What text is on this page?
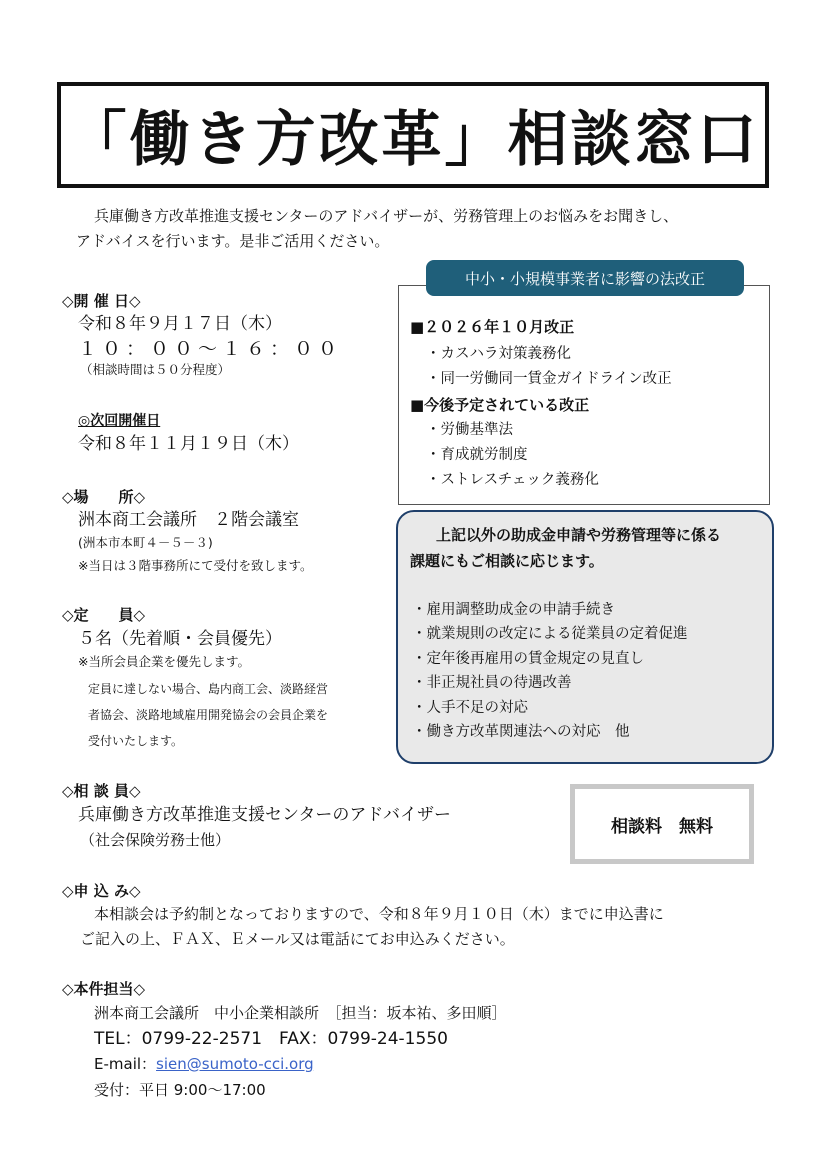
「働き方改革」相談窓口
兵庫働き方改革推進支援センターのアドバイザーが、労務管理上のお悩みをお聞きし、
アドバイスを行います。是非ご活用ください。
◇開 催 日◇
令和８年９月１７日（木）
１０：００～１６：００
（相談時間は５０分程度）
◎次回開催日
令和８年１１月１９日（木）
◇場　　所◇
洲本商工会議所　２階会議室
(洲本市本町４－５－３)
※当日は３階事務所にて受付を致します。
◇定　　員◇
５名（先着順・会員優先）
※当所会員企業を優先します。
定員に達しない場合、島内商工会、淡路経営
者協会、淡路地域雇用開発協会の会員企業を
受付いたします。
中小・小規模事業者に影響の法改正
■２０２６年１０月改正
・カスハラ対策義務化
・同一労働同一賃金ガイドライン改正
■今後予定されている改正
・労働基準法
・育成就労制度
・ストレスチェック義務化
上記以外の助成金申請や労務管理等に係る
課題にもご相談に応じます。
・雇用調整助成金の申請手続き
・就業規則の改定による従業員の定着促進
・定年後再雇用の賃金規定の見直し
・非正規社員の待遇改善
・人手不足の対応
・働き方改革関連法への対応　他
◇相 談 員◇
兵庫働き方改革推進支援センターのアドバイザー
（社会保険労務士他）
相談料　無料
◇申 込 み◇
本相談会は予約制となっておりますので、令和８年９月１０日（木）までに申込書に
ご記入の上、ＦＡＸ、Ｅメール又は電話にてお申込みください。
◇本件担当◇
洲本商工会議所　中小企業相談所　［担当：坂本祐、多田順］
TEL：0799-22-2571　FAX：0799-24-1550
E-mail：sien@sumoto-cci.org
受付：平日 9:00～17:00
